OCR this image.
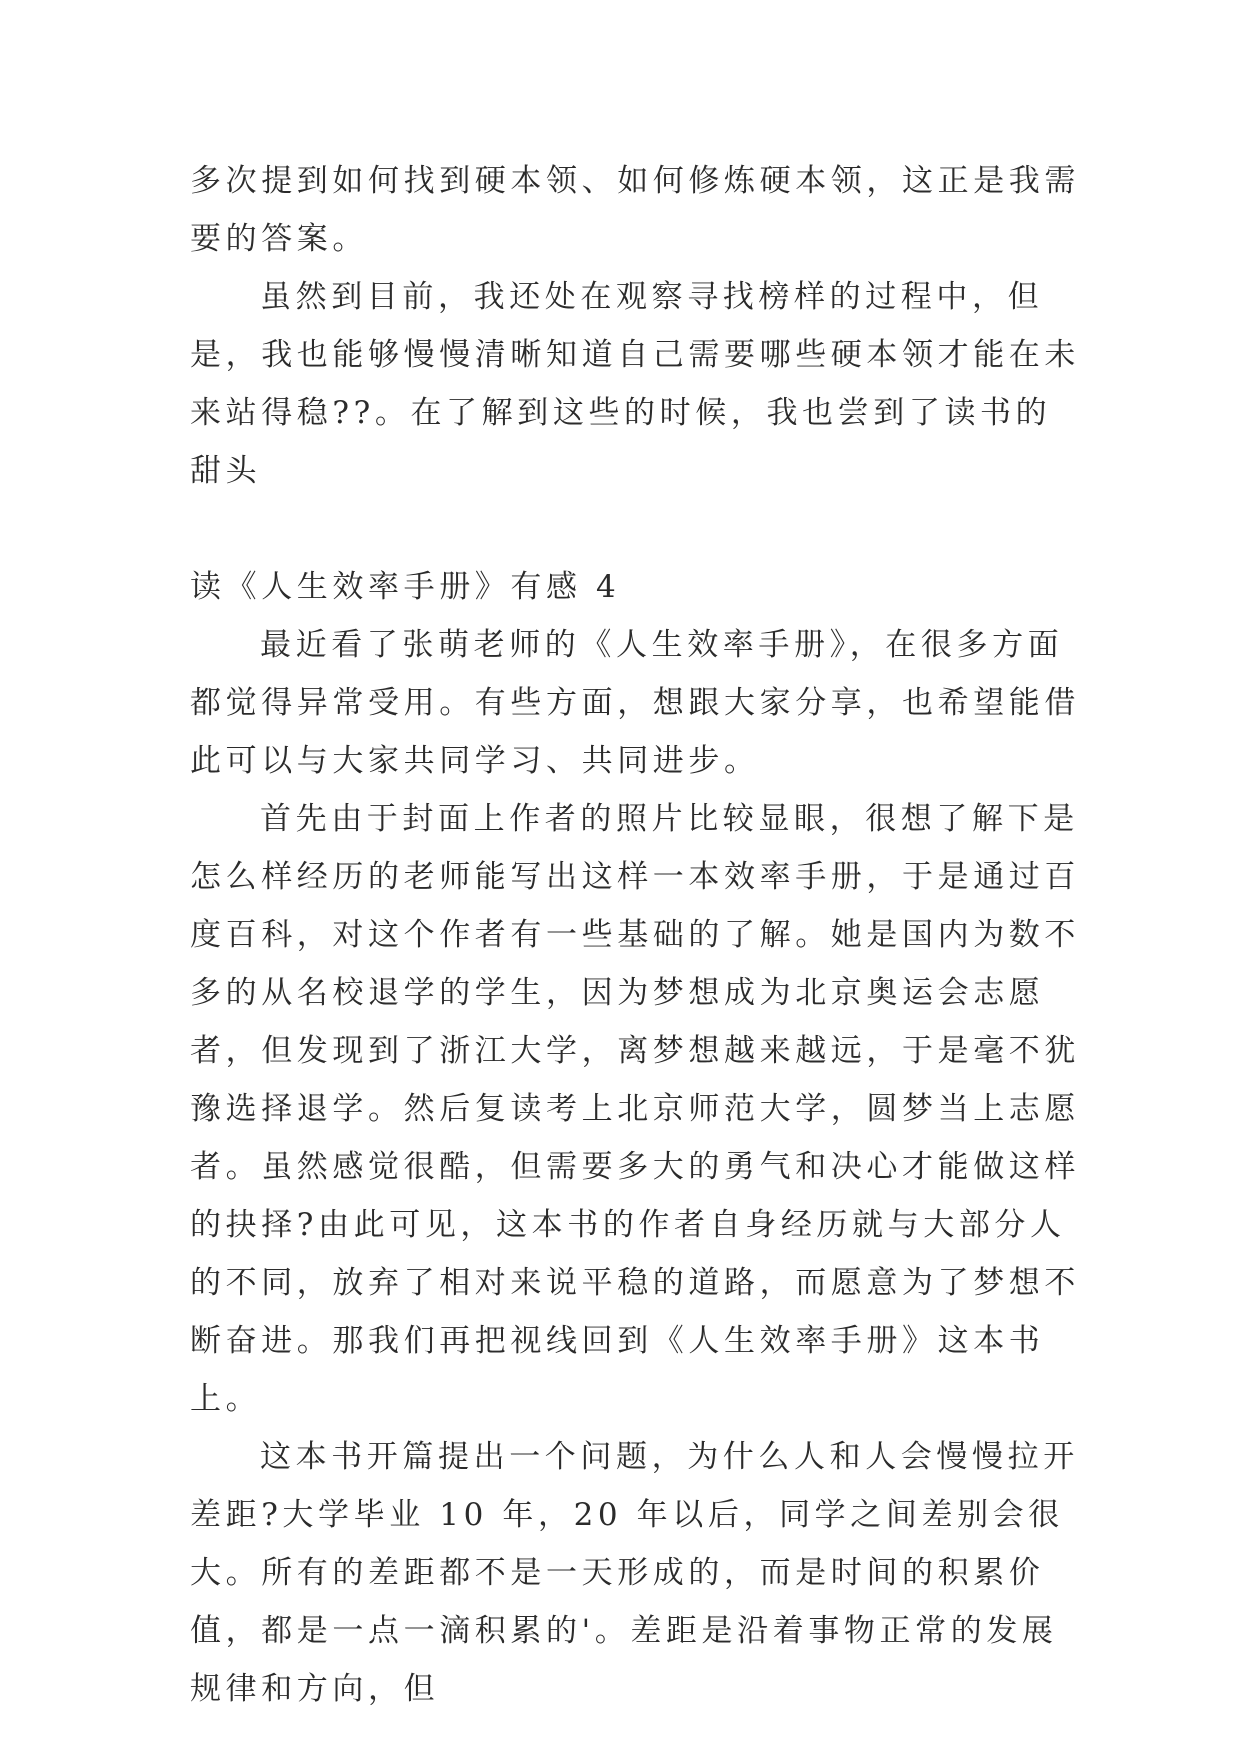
多次提到如何找到硬本领、如何修炼硬本领，这正是我需要的答案。

虽然到目前，我还处在观察寻找榜样的过程中，但是，我也能够慢慢清晰知道自己需要哪些硬本领才能在未来站得稳??。在了解到这些的时候，我也尝到了读书的甜头

读《人生效率手册》有感 4

最近看了张萌老师的《人生效率手册》，在很多方面都觉得异常受用。有些方面，想跟大家分享，也希望能借此可以与大家共同学习、共同进步。

首先由于封面上作者的照片比较显眼，很想了解下是怎么样经历的老师能写出这样一本效率手册，于是通过百度百科，对这个作者有一些基础的了解。她是国内为数不多的从名校退学的学生，因为梦想成为北京奥运会志愿者，但发现到了浙江大学，离梦想越来越远，于是毫不犹豫选择退学。然后复读考上北京师范大学，圆梦当上志愿者。虽然感觉很酷，但需要多大的勇气和决心才能做这样的抉择?由此可见，这本书的作者自身经历就与大部分人的不同，放弃了相对来说平稳的道路，而愿意为了梦想不断奋进。那我们再把视线回到《人生效率手册》这本书上。

这本书开篇提出一个问题，为什么人和人会慢慢拉开差距?大学毕业 10 年，20 年以后，同学之间差别会很大。所有的差距都不是一天形成的，而是时间的积累价值，都是一点一滴积累的'。差距是沿着事物正常的发展规律和方向，但
